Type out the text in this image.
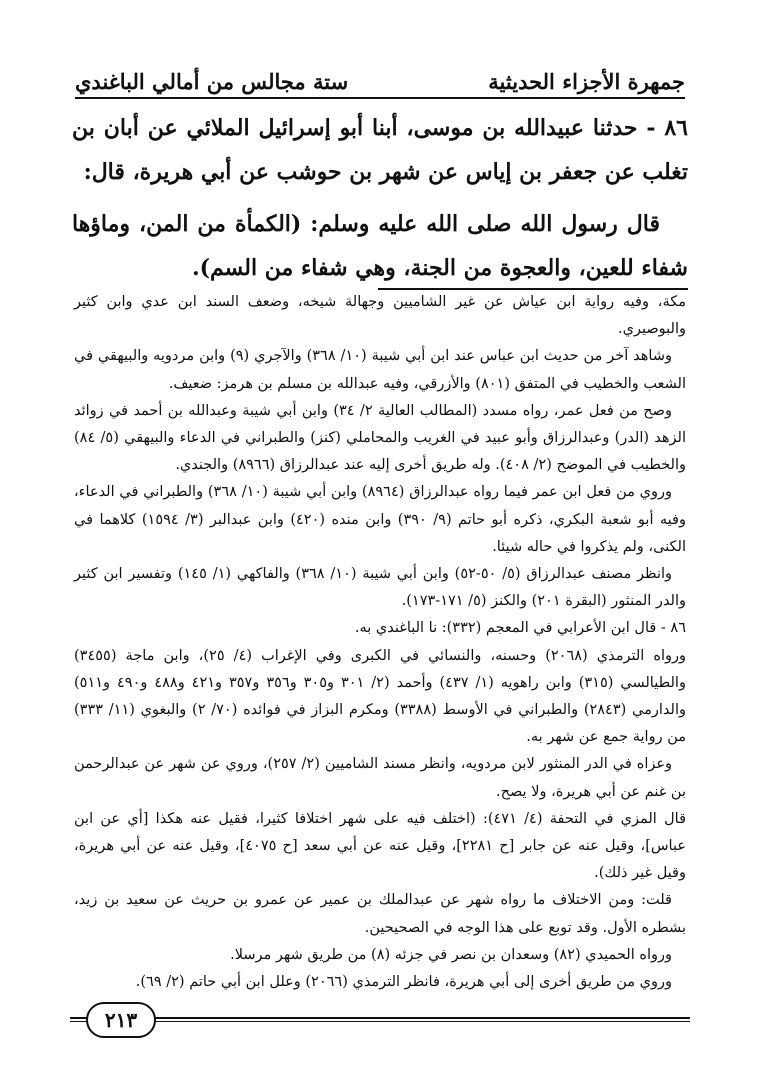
جمهرة الأجزاء الحديثية
ستة مجالس من أمالي الباغندي

٨٦ - حدثنا عبيدالله بن موسى، أبنا أبو إسرائيل الملائي عن أبان بن تغلب عن جعفر بن إياس عن شهر بن حوشب عن أبي هريرة، قال:

قال رسول الله صلى الله عليه وسلم: (الكمأة من المن، وماؤها شفاء للعين، والعجوة من الجنة، وهي شفاء من السم).

مكة، وفيه رواية ابن عياش عن غير الشاميين وجهالة شيخه، وضعف السند ابن عدي وابن كثير والبوصيري.

وشاهد آخر من حديث ابن عباس عند ابن أبي شيبة (١٠/ ٣٦٨) والآجري (٩) وابن مردويه والبيهقي في الشعب والخطيب في المتفق (٨٠١) والأزرقي، وفيه عبدالله بن مسلم بن هرمز: ضعيف.

وصح من فعل عمر، رواه مسدد (المطالب العالية ٢/ ٣٤) وابن أبي شيبة وعبدالله بن أحمد في زوائد الزهد (الدر) وعبدالرزاق وأبو عبيد في الغريب والمحاملي (كنز) والطبراني في الدعاء والبيهقي (٥/ ٨٤) والخطيب في الموضح (٢/ ٤٠٨). وله طريق أخرى إليه عند عبدالرزاق (٨٩٦٦) والجندي.

وروي من فعل ابن عمر فيما رواه عبدالرزاق (٨٩٦٤) وابن أبي شيبة (١٠/ ٣٦٨) والطبراني في الدعاء، وفيه أبو شعبة البكري، ذكره أبو حاتم (٩/ ٣٩٠) وابن منده (٤٢٠) وابن عبدالبر (٣/ ١٥٩٤) كلاهما في الكنى، ولم يذكروا في حاله شيئا.

وانظر مصنف عبدالرزاق (٥/ ٥٠-٥٢) وابن أبي شيبة (١٠/ ٣٦٨) والفاكهي (١/ ١٤٥) وتفسير ابن كثير والدر المنثور (البقرة ٢٠١) والكنز (٥/ ١٧١-١٧٣).

٨٦ - قال ابن الأعرابي في المعجم (٣٣٢): نا الباغندي به.

ورواه الترمذي (٢٠٦٨) وحسنه، والنسائي في الكبرى وفي الإغراب (٤/ ٢٥)، وابن ماجة (٣٤٥٥) والطيالسي (٣١٥) وابن راهويه (١/ ٤٣٧) وأحمد (٢/ ٣٠١ و٣٠٥ و٣٥٦ و٣٥٧ و٤٢١ و٤٨٨ و٤٩٠ و٥١١) والدارمي (٢٨٤٣) والطبراني في الأوسط (٣٣٨٨) ومكرم البزاز في فوائده (٧٠/ ٢) والبغوي (١١/ ٣٣٣) من رواية جمع عن شهر به.

وعزاه في الدر المنثور لابن مردويه، وانظر مسند الشاميين (٢/ ٢٥٧)، وروي عن شهر عن عبدالرحمن بن غنم عن أبي هريرة، ولا يصح.

قال المزي في التحفة (٤/ ٤٧١): (اختلف فيه على شهر اختلافا كثيرا، فقيل عنه هكذا [أي عن ابن عباس]، وقيل عنه عن جابر [ح ٢٢٨١]، وقيل عنه عن أبي سعد [ح ٤٠٧٥]، وقيل عنه عن أبي هريرة، وقيل غير ذلك).

قلت: ومن الاختلاف ما رواه شهر عن عبدالملك بن عمير عن عمرو بن حريث عن سعيد بن زيد، بشطره الأول. وقد توبع على هذا الوجه في الصحيحين.

ورواه الحميدي (٨٢) وسعدان بن نصر في جزئه (٨) من طريق شهر مرسلا.

وروي من طريق أخرى إلى أبي هريرة، فانظر الترمذي (٢٠٦٦) وعلل ابن أبي حاتم (٢/ ٦٩).

٢١٣
